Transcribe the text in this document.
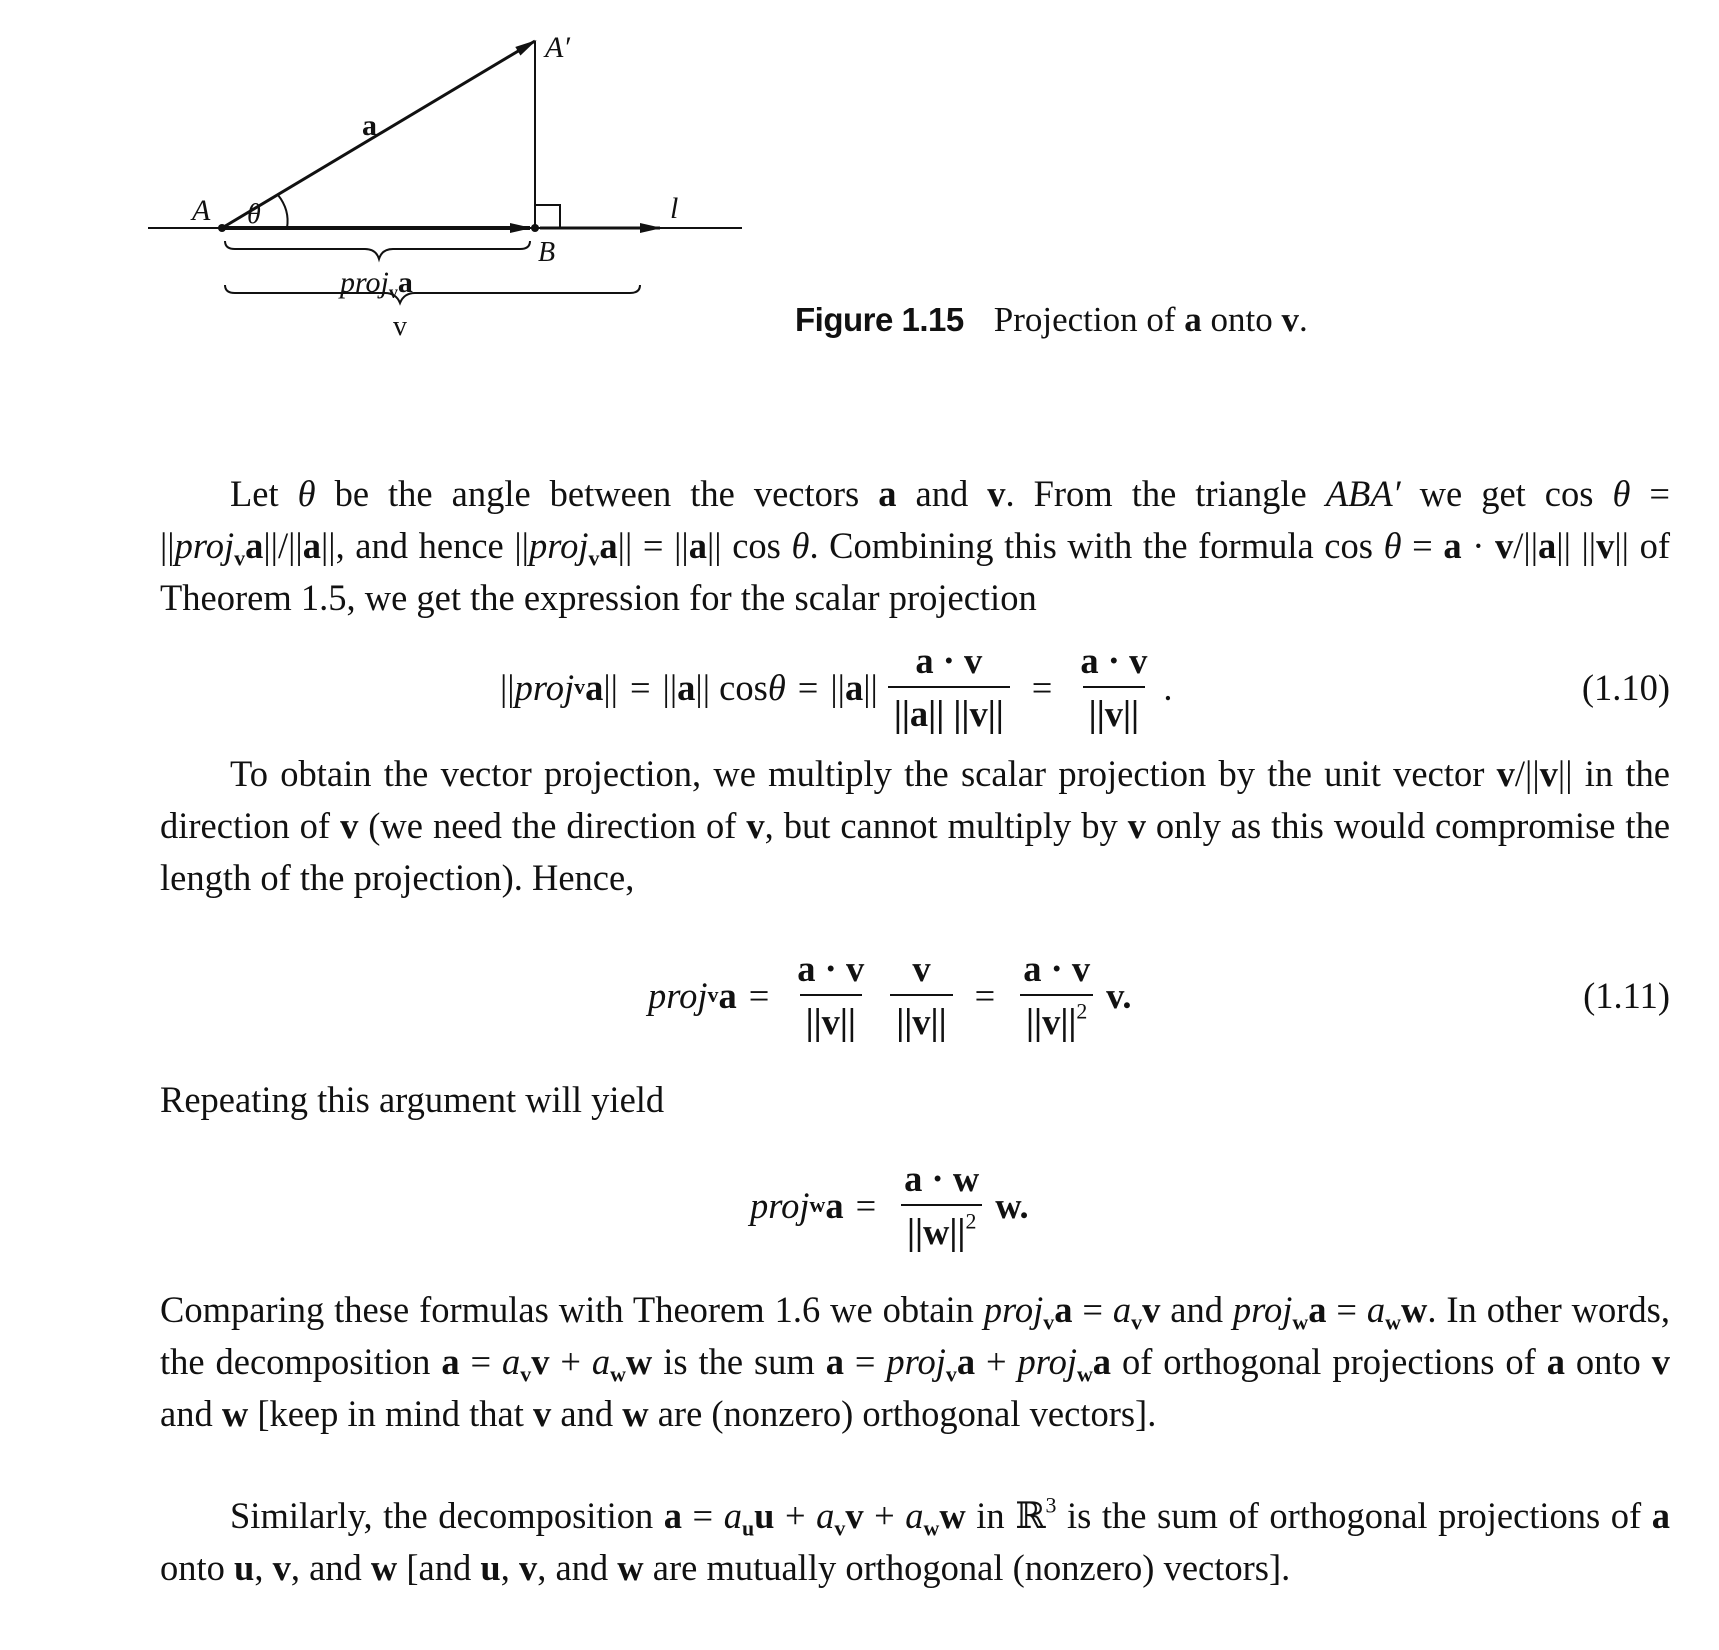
A′
a
A θ	l
B
proj$_v$a
v	Figure 1.15 Projection of a onto v.
Let θ be the angle between the vectors a and v. From the triangle ABA′ we get cos θ = ||proj$_v$a||/||a||, and hence ||proj$_v$a|| = ||a|| cos θ. Combining this with the formula cos θ = a · v/||a|| ||v|| of Theorem 1.5, we get the expression for the scalar projection
|| proj v a || = || a || cos θ = || a || $\frac{a \cdot v}{||a|| ||v||} = \frac{a \cdot v}{||v||}$ .	(1.10)
To obtain the vector projection, we multiply the scalar projection by the unit vector v/||v|| in the direction of v (we need the direction of v, but cannot multiply by v only as this would compromise the length of the projection). Hence,
proj v $a = \frac{a \cdot v}{||v||} \frac{v}{||v||} = \frac{a \cdot v}{||v||^2} v$.	(1.11)
Repeating this argument will yield
proj w $a = \frac{a \cdot w}{||w||^2} w$.
Comparing these formulas with Theorem 1.6 we obtain proj$_v$a = $a_vv$ and proj$_w$a = $a_ww$. In other words, the decomposition $a = a_vv + a_ww$ is the sum a = proj$_v$a + proj$_w$a of orthogonal projections of a onto v and w [keep in mind that v and w are (nonzero) orthogonal vectors].
Similarly, the decomposition $a = a_uu + a_vv + a_ww$ in ℝ$^3$ is the sum of orthogonal projections of a onto u, v, and w [and u, v, and w are mutually orthogonal (nonzero) vectors].
